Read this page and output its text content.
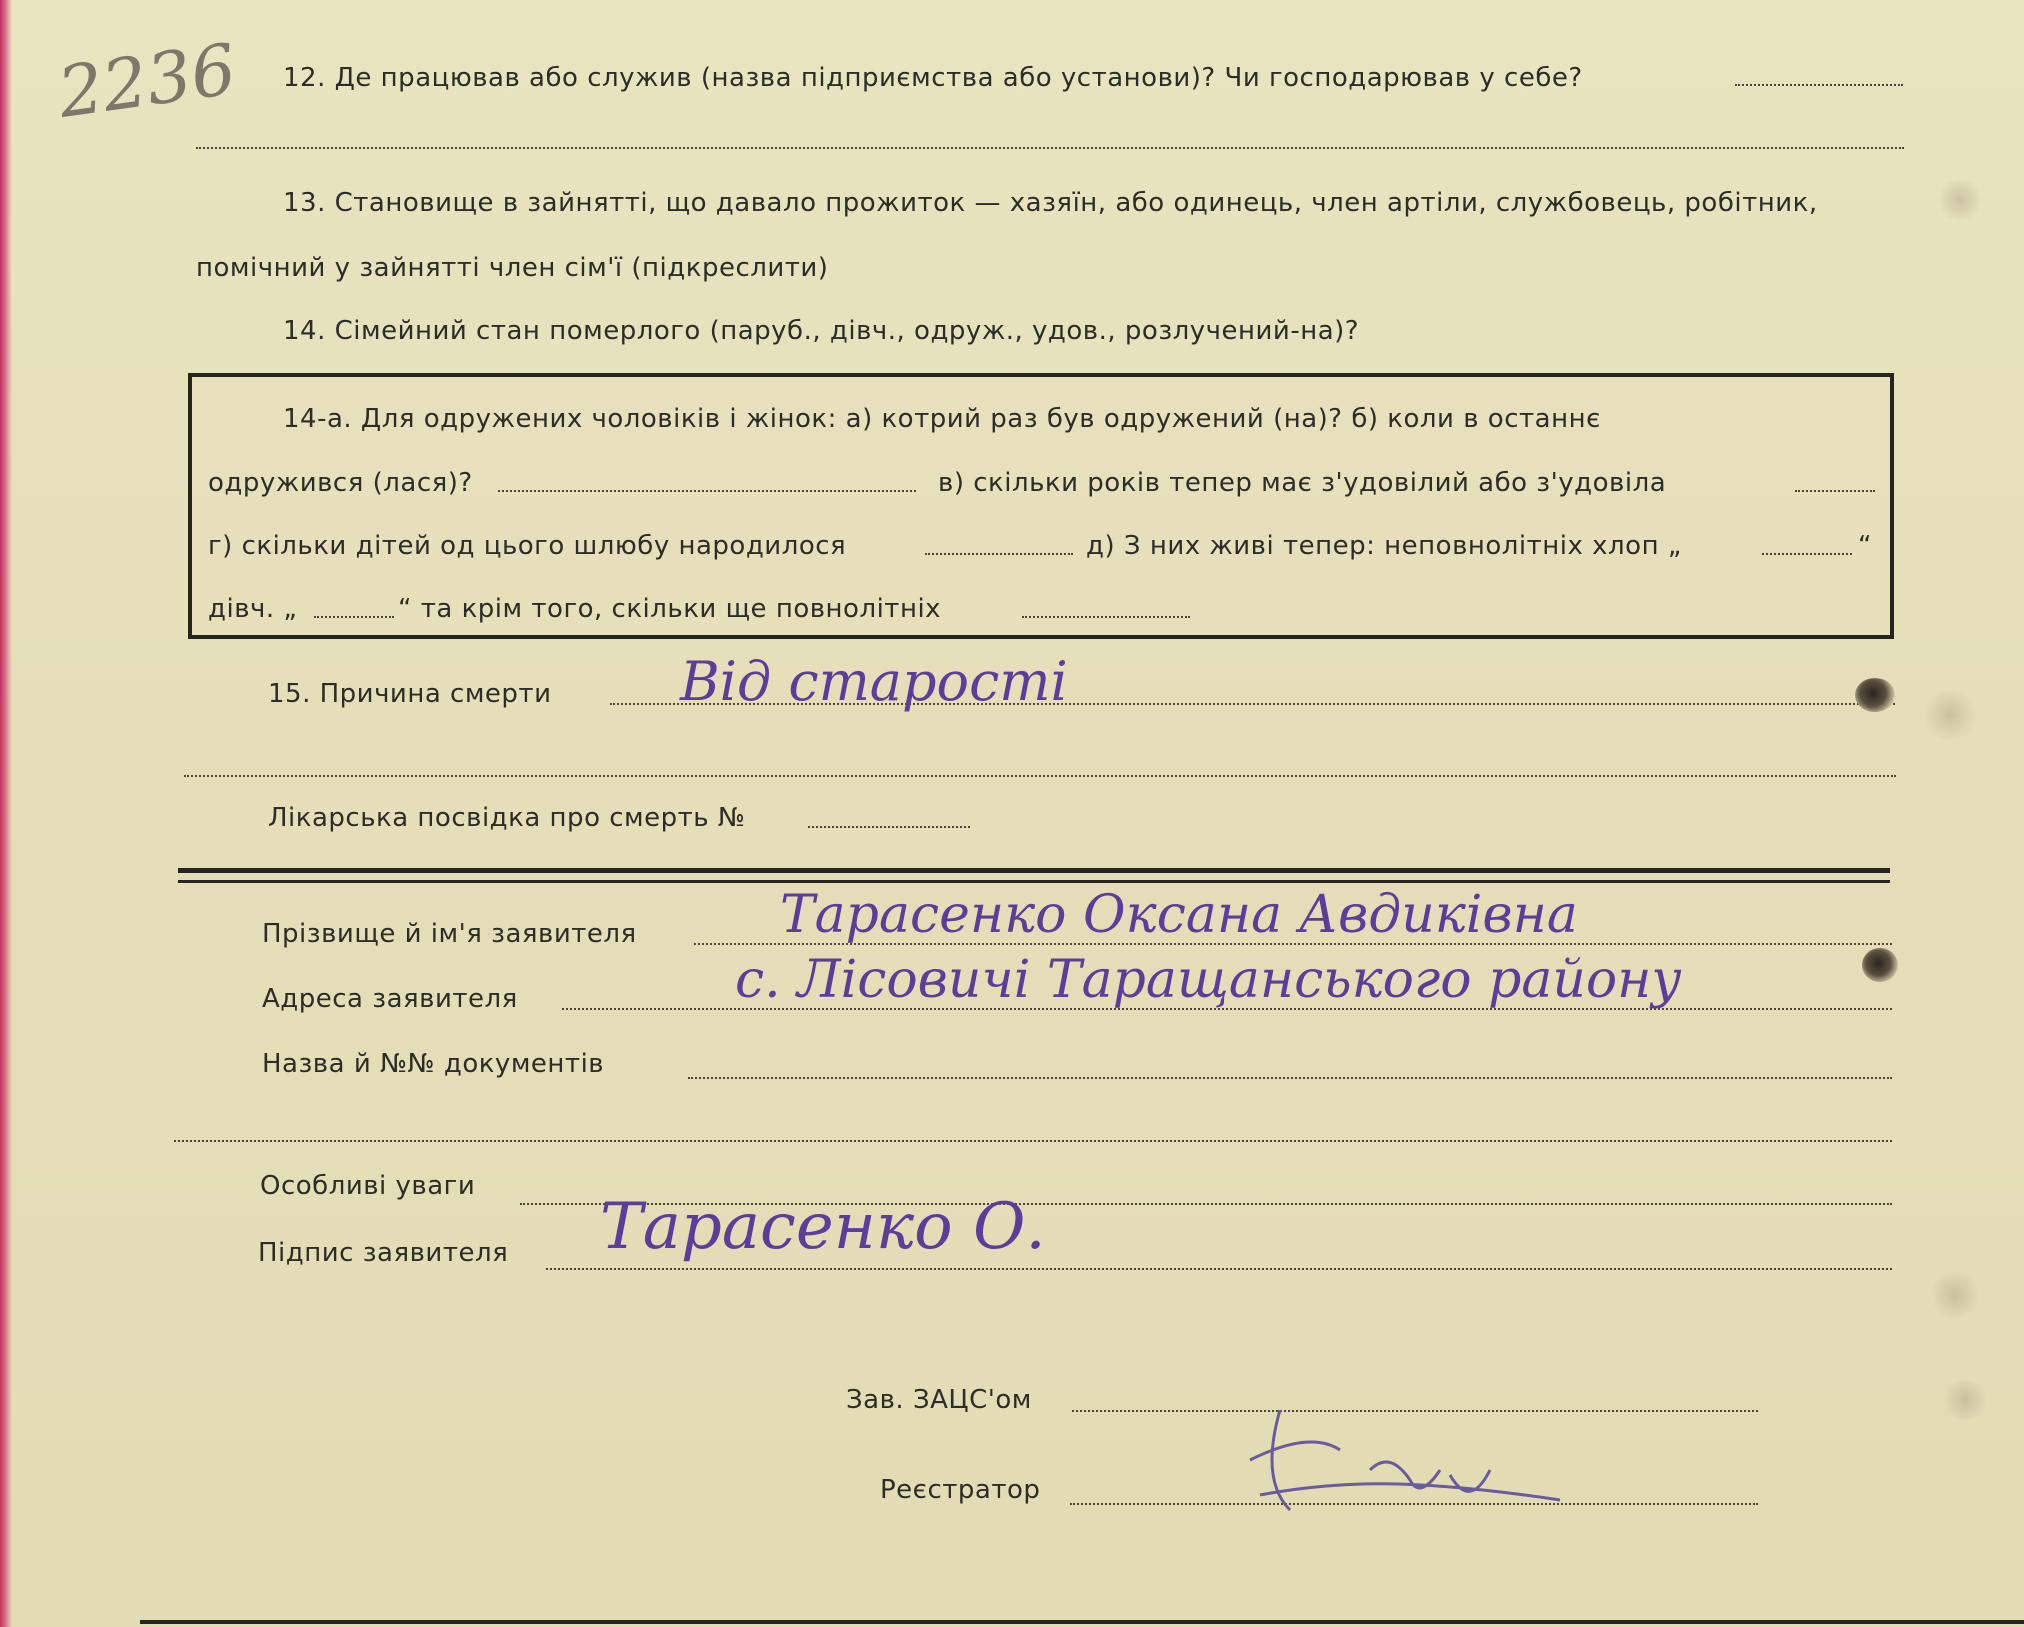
2236 12. Де працював або служив (назва підприємства або установи)? Чи господарював у себе?
13. Становище в зайнятті, що давало прожиток — хазяїн, або одинець, член артіли, службовець, робітник,
помічний у зайнятті член сім'ї (підкреслити)
14. Сімейний стан померлого (паруб., дівч., одруж., удов., розлучений-на)?
14-а. Для одружених чоловіків і жінок: а) котрий раз був одружений (на)? б) коли в останнє
одружився (лася)?	в) скільки років тепер має з'удовілий або з'удовіла
г) скільки дітей од цього шлюбу народилося	д) З них живі тепер: неповнолітніх хлоп „	“
дівч. „	“ та крім того, скільки ще повнолітніх
15. Причина смерти Від старості
Лікарська посвідка про смерть №
Прізвище й ім'я заявителя	Тарасенко Оксана Авдиківна
Адреса заявителя	с. Лісовичі Таращанського району
Назва й №№ документів
Особливі уваги
Підпис заявителя Тарасенко О.
Зав. ЗАЦС'ом
Реєстратор
